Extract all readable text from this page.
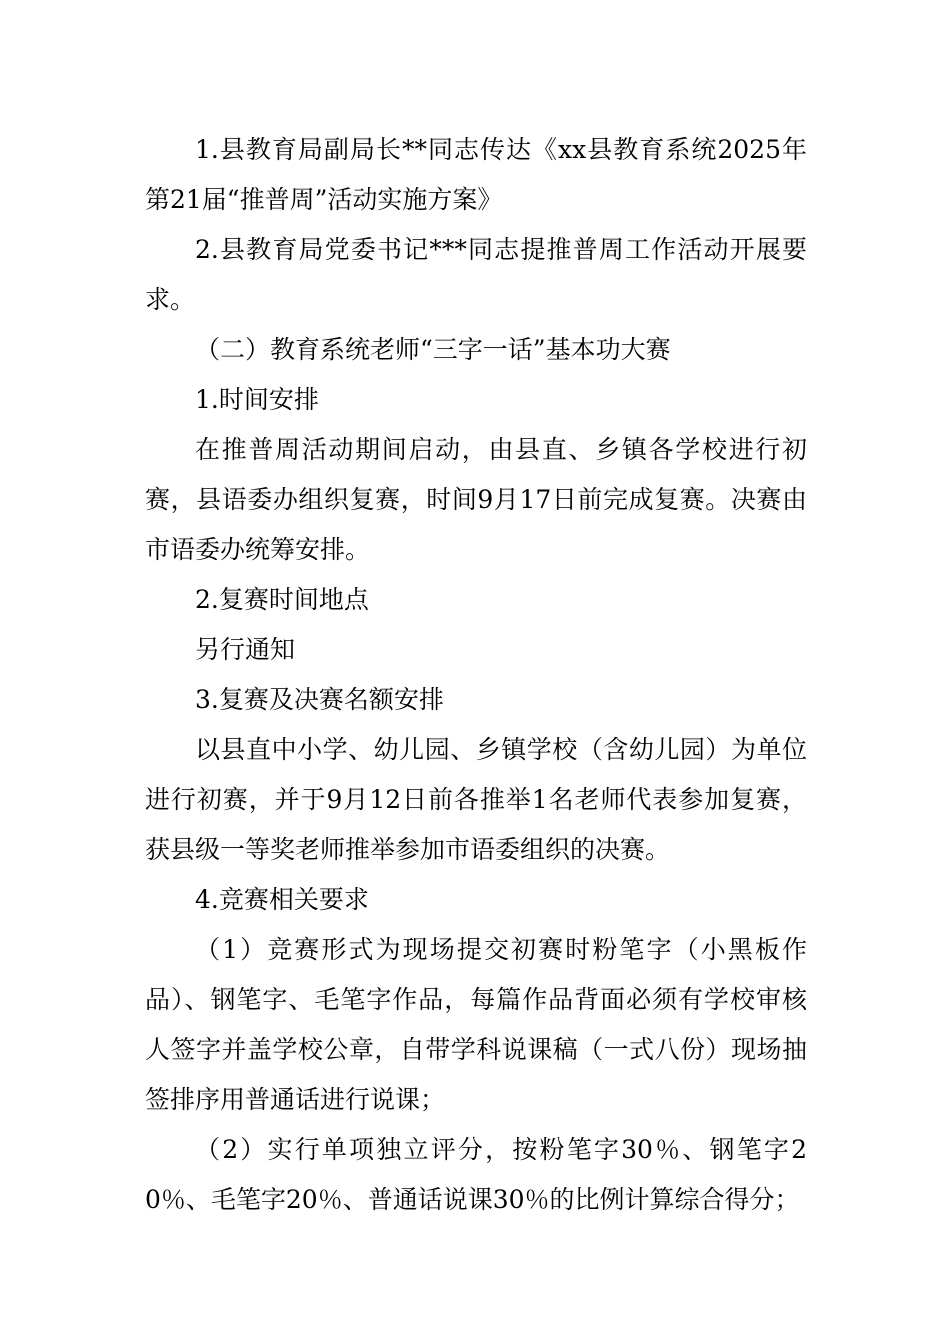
1.县教育局副局长**同志传达《xx县教育系统2025年第21届“推普周”活动实施方案》

2.县教育局党委书记***同志提推普周工作活动开展要求。

（二）教育系统老师“三字一话”基本功大赛

1.时间安排

在推普周活动期间启动，由县直、乡镇各学校进行初赛，县语委办组织复赛，时间9月17日前完成复赛。决赛由市语委办统筹安排。

2.复赛时间地点

另行通知

3.复赛及决赛名额安排

以县直中小学、幼儿园、乡镇学校（含幼儿园）为单位进行初赛，并于9月12日前各推举1名老师代表参加复赛， 获县级一等奖老师推举参加市语委组织的决赛。

4.竞赛相关要求

（1）竞赛形式为现场提交初赛时粉笔字（小黑板作品）、钢笔字、毛笔字作品，每篇作品背面必须有学校审核人签字并盖学校公章，自带学科说课稿（一式八份）现场抽签排序用普通话进行说课；

（2）实行单项独立评分，按粉笔字30％、钢笔字20％、毛笔字20％、普通话说课30％的比例计算综合得分；
